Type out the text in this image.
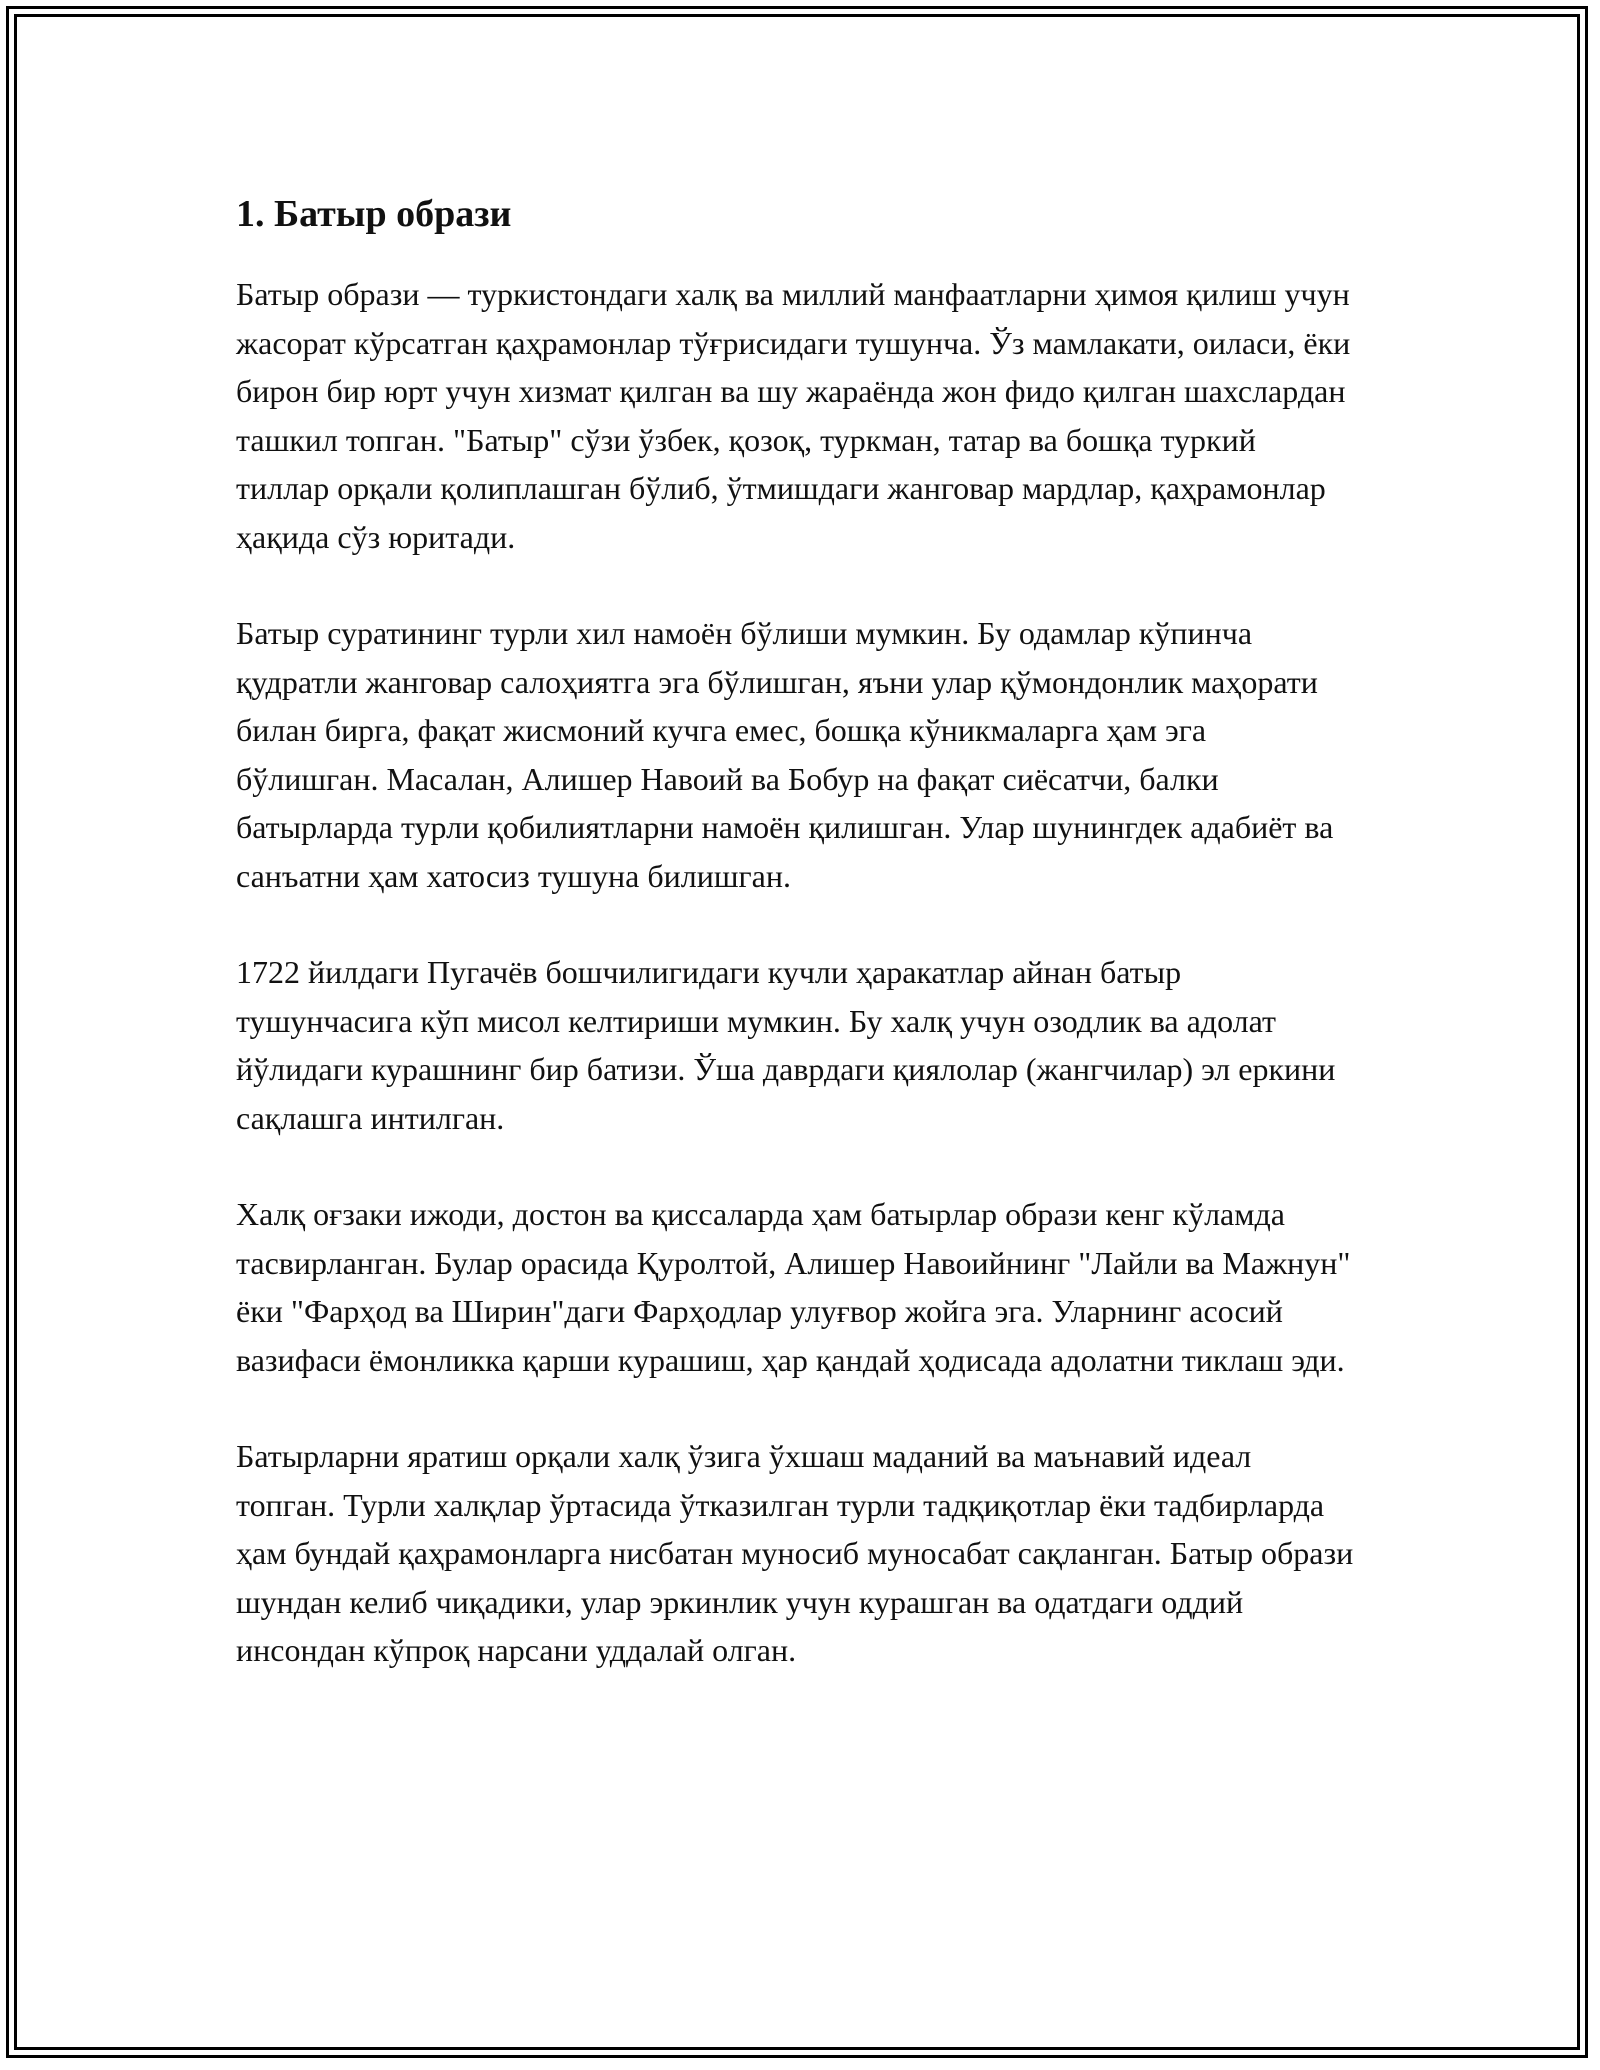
1. Батыр образи

Батыр образи — туркистондаги халқ ва миллий манфаатларни ҳимоя қилиш учун жасорат кўрсатган қаҳрамонлар тўғрисидаги тушунча. Ўз мамлакати, оиласи, ёки бирон бир юрт учун хизмат қилган ва шу жараёнда жон фидо қилган шахслардан ташкил топган. "Батыр" сўзи ўзбек, қозоқ, туркман, татар ва бошқа туркий тиллар орқали қолиплашган бўлиб, ўтмишдаги жанговар мардлар, қаҳрамонлар ҳақида сўз юритади.

Батыр суратининг турли хил намоён бўлиши мумкин. Бу одамлар кўпинча қудратли жанговар салоҳиятга эга бўлишган, яъни улар қўмондонлик маҳорати билан бирга, фақат жисмоний кучга емес, бошқа кўникмаларга ҳам эга бўлишган. Масалан, Алишер Навоий ва Бобур на фақат сиёсатчи, балки батырларда турли қобилиятларни намоён қилишган. Улар шунингдек адабиёт ва санъатни ҳам хатосиз тушуна билишган.

1722 йилдаги Пугачёв бошчилигидаги кучли ҳаракатлар айнан батыр тушунчасига кўп мисол келтириши мумкин. Бу халқ учун озодлик ва адолат йўлидаги курашнинг бир батизи. Ўша даврдаги қиялолар (жангчилар) эл еркини сақлашга интилган.

Халқ оғзаки ижоди, достон ва қиссаларда ҳам батырлар образи кенг кўламда тасвирланган. Булар орасида Қуролтой, Алишер Навоийнинг "Лайли ва Мажнун" ёки "Фарҳод ва Ширин"даги Фарҳодлар улуғвор жойга эга. Уларнинг асосий вазифаси ёмонликка қарши курашиш, ҳар қандай ҳодисада адолатни тиклаш эди.

Батырларни яратиш орқали халқ ўзига ўхшаш маданий ва маънавий идеал топган. Турли халқлар ўртасида ўтказилган турли тадқиқотлар ёки тадбирларда ҳам бундай қаҳрамонларга нисбатан муносиб муносабат сақланган. Батыр образи шундан келиб чиқадики, улар эркинлик учун курашган ва одатдаги оддий инсондан кўпроқ нарсани уддалай олган.
